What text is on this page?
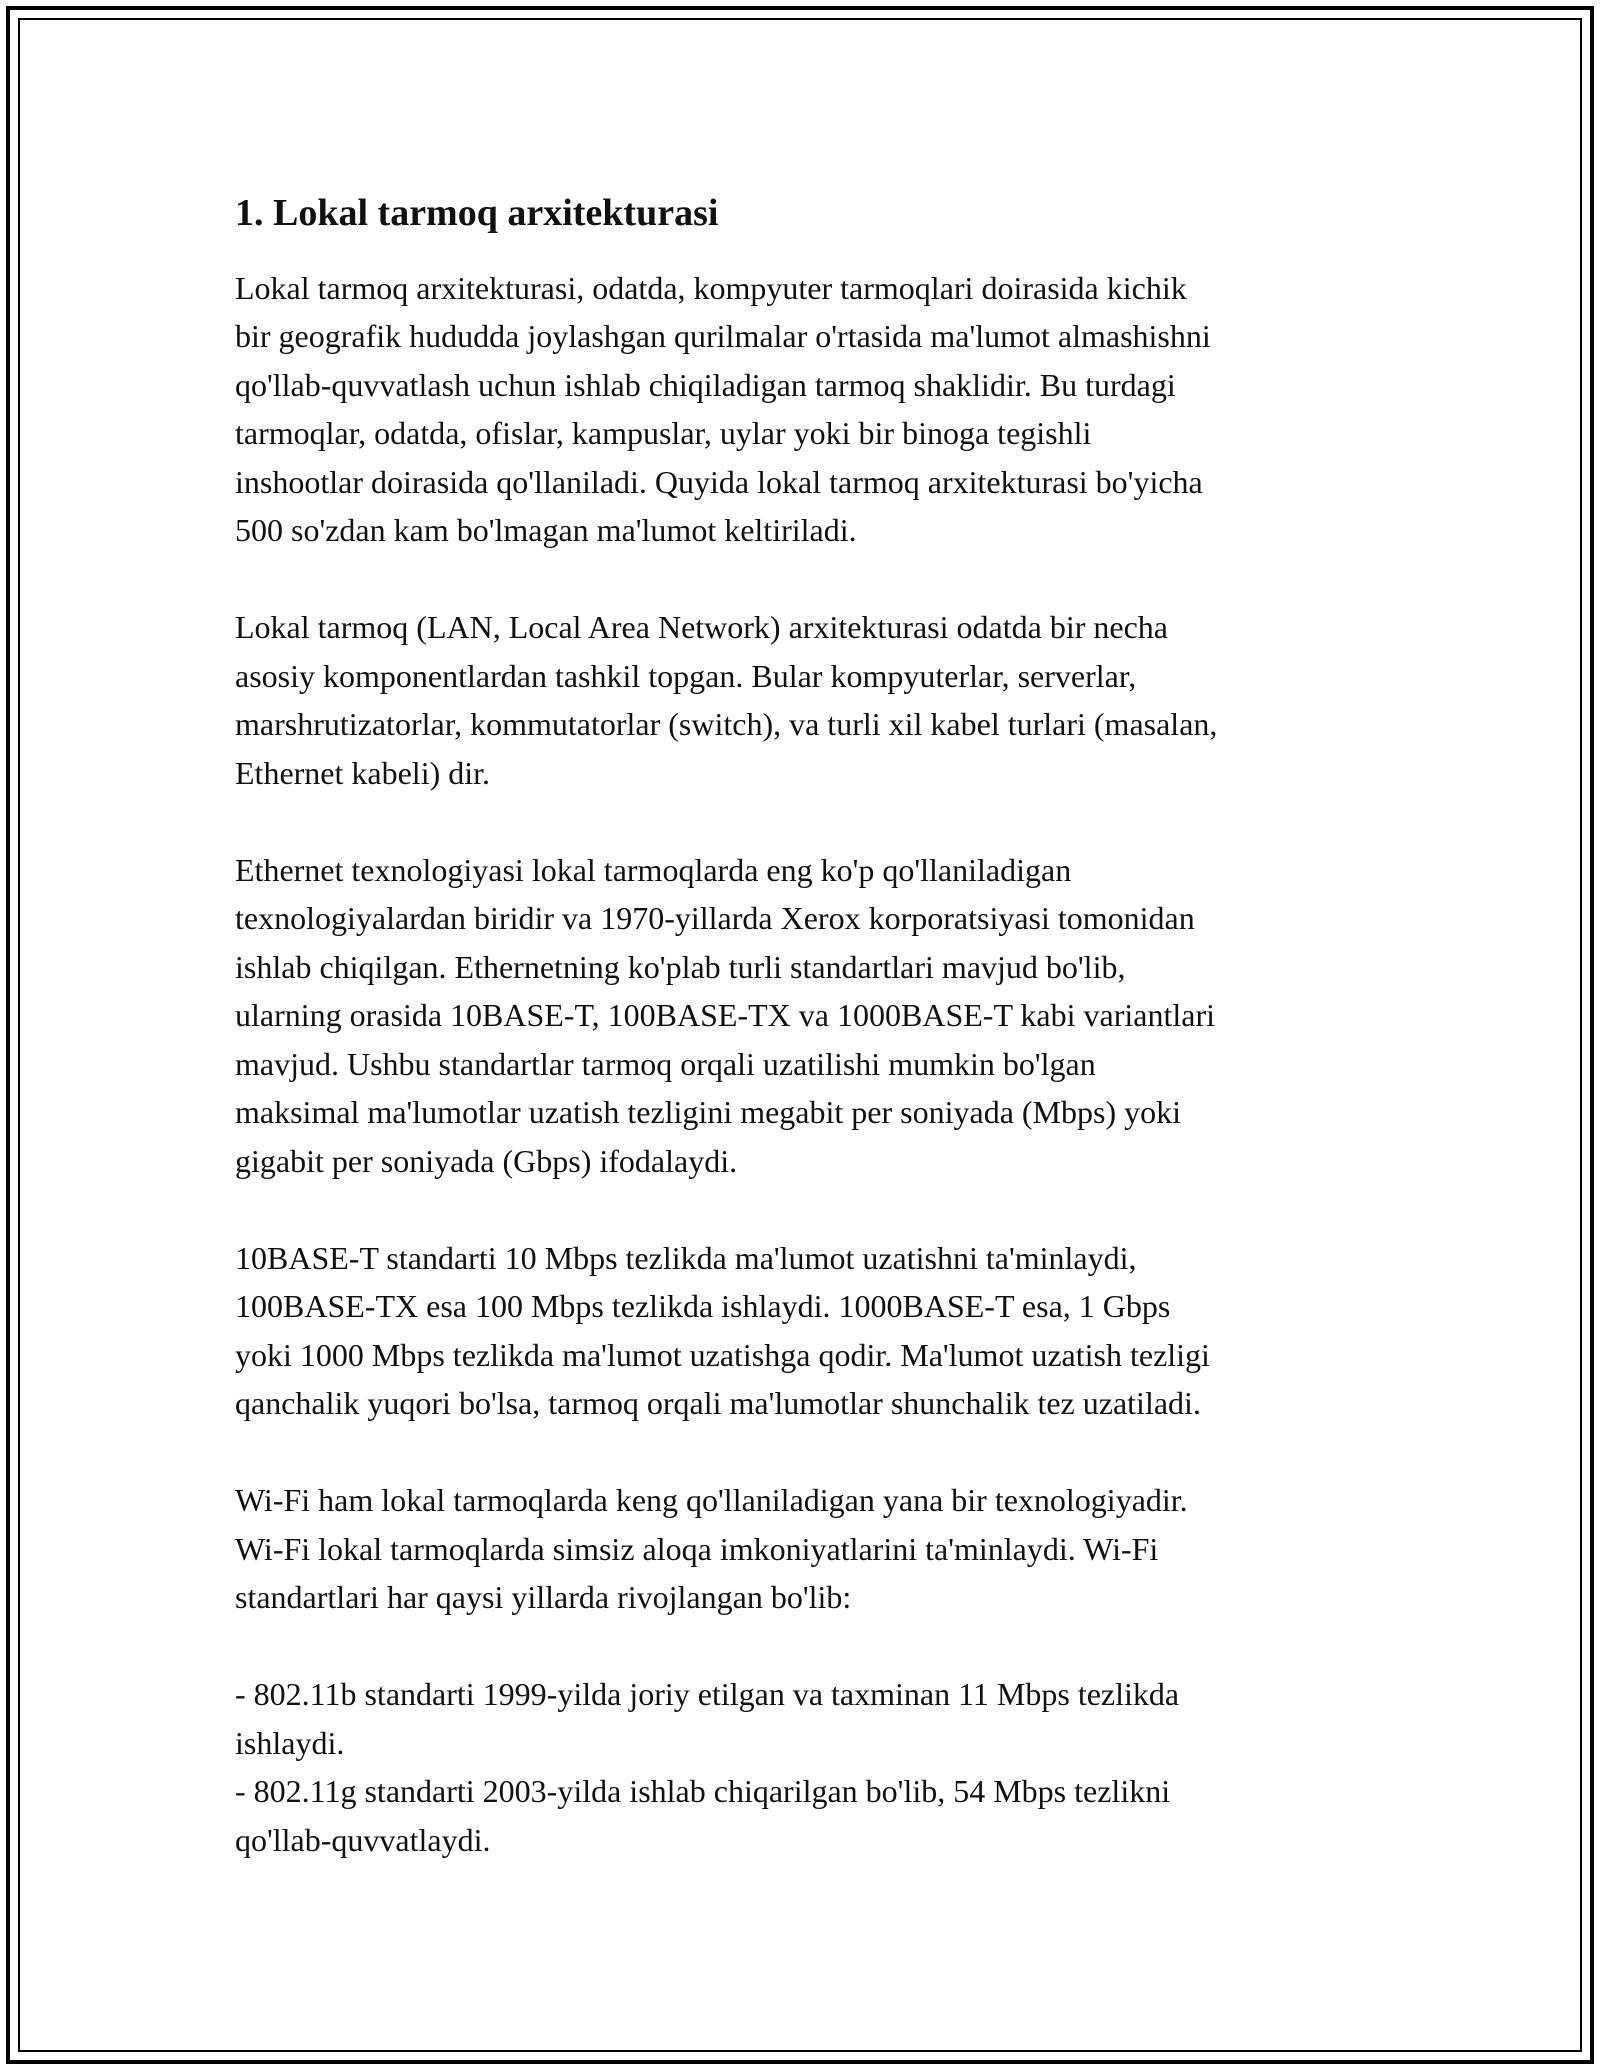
1. Lokal tarmoq arxitekturasi

Lokal tarmoq arxitekturasi, odatda, kompyuter tarmoqlari doirasida kichik
bir geografik hududda joylashgan qurilmalar o'rtasida ma'lumot almashishni
qo'llab-quvvatlash uchun ishlab chiqiladigan tarmoq shaklidir. Bu turdagi
tarmoqlar, odatda, ofislar, kampuslar, uylar yoki bir binoga tegishli
inshootlar doirasida qo'llaniladi. Quyida lokal tarmoq arxitekturasi bo'yicha
500 so'zdan kam bo'lmagan ma'lumot keltiriladi.

Lokal tarmoq (LAN, Local Area Network) arxitekturasi odatda bir necha
asosiy komponentlardan tashkil topgan. Bular kompyuterlar, serverlar,
marshrutizatorlar, kommutatorlar (switch), va turli xil kabel turlari (masalan,
Ethernet kabeli) dir.

Ethernet texnologiyasi lokal tarmoqlarda eng ko'p qo'llaniladigan
texnologiyalardan biridir va 1970-yillarda Xerox korporatsiyasi tomonidan
ishlab chiqilgan. Ethernetning ko'plab turli standartlari mavjud bo'lib,
ularning orasida 10BASE-T, 100BASE-TX va 1000BASE-T kabi variantlari
mavjud. Ushbu standartlar tarmoq orqali uzatilishi mumkin bo'lgan
maksimal ma'lumotlar uzatish tezligini megabit per soniyada (Mbps) yoki
gigabit per soniyada (Gbps) ifodalaydi.

10BASE-T standarti 10 Mbps tezlikda ma'lumot uzatishni ta'minlaydi,
100BASE-TX esa 100 Mbps tezlikda ishlaydi. 1000BASE-T esa, 1 Gbps
yoki 1000 Mbps tezlikda ma'lumot uzatishga qodir. Ma'lumot uzatish tezligi
qanchalik yuqori bo'lsa, tarmoq orqali ma'lumotlar shunchalik tez uzatiladi.

Wi-Fi ham lokal tarmoqlarda keng qo'llaniladigan yana bir texnologiyadir.
Wi-Fi lokal tarmoqlarda simsiz aloqa imkoniyatlarini ta'minlaydi. Wi-Fi
standartlari har qaysi yillarda rivojlangan bo'lib:

- 802.11b standarti 1999-yilda joriy etilgan va taxminan 11 Mbps tezlikda
ishlaydi.

- 802.11g standarti 2003-yilda ishlab chiqarilgan bo'lib, 54 Mbps tezlikni
qo'llab-quvvatlaydi.
